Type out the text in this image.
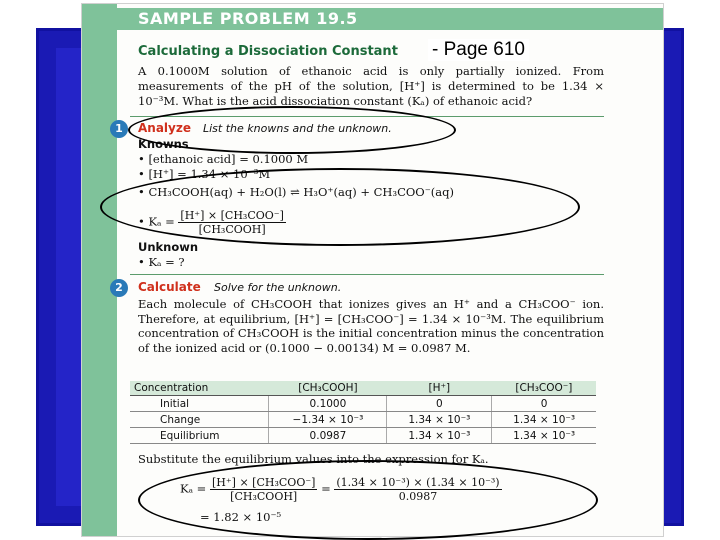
SAMPLE PROBLEM 19.5
Calculating a Dissociation Constant - Page 610
A 0.1000M solution of ethanoic acid is only partially ionized. From measurements of the pH of the solution, [H⁺] is determined to be 1.34 × 10⁻³M. What is the acid dissociation constant (Kₐ) of ethanoic acid?
1	Analyze List the knowns and the unknown.
Knowns
• [ethanoic acid] = 0.1000 M
• [H⁺] = 1.34 × 10⁻³M
• CH₃COOH(aq) + H₂O(l) ⇌ H₃O⁺(aq) + CH₃COO⁻(aq)
• $K_a = \frac{\text{[H⁺] × [CH₃COO⁻]}}{\text{[CH₃COOH]}}$
Unknown
• Kₐ = ?
2	Calculate Solve for the unknown.
Each molecule of CH₃COOH that ionizes gives an H⁺ and a CH₃COO⁻ ion. Therefore, at equilibrium, [H⁺] = [CH₃COO⁻] = 1.34 × 10⁻³M. The equilibrium concentration of CH₃COOH is the initial concentration minus the concentration of the ionized acid or (0.1000 − 0.00134) M = 0.0987 M.
Concentration	[CH₃COOH]	[H⁺]	[CH₃COO⁻]
Initial	0.1000	0	0
Change	−1.34 × 10⁻³	1.34 × 10⁻³	1.34 × 10⁻³
Equilibrium	0.0987	1.34 × 10⁻³	1.34 × 10⁻³
Substitute the equilibrium values into the expression for Kₐ.
$K_a = \frac{\text{[H⁺] × [CH₃COO⁻]}}{\text{[CH₃COOH]}} = \frac{\text{(1.34 × 10⁻³) × (1.34 × 10⁻³)}}{0.0987}$
= 1.82 × 10⁻⁵
